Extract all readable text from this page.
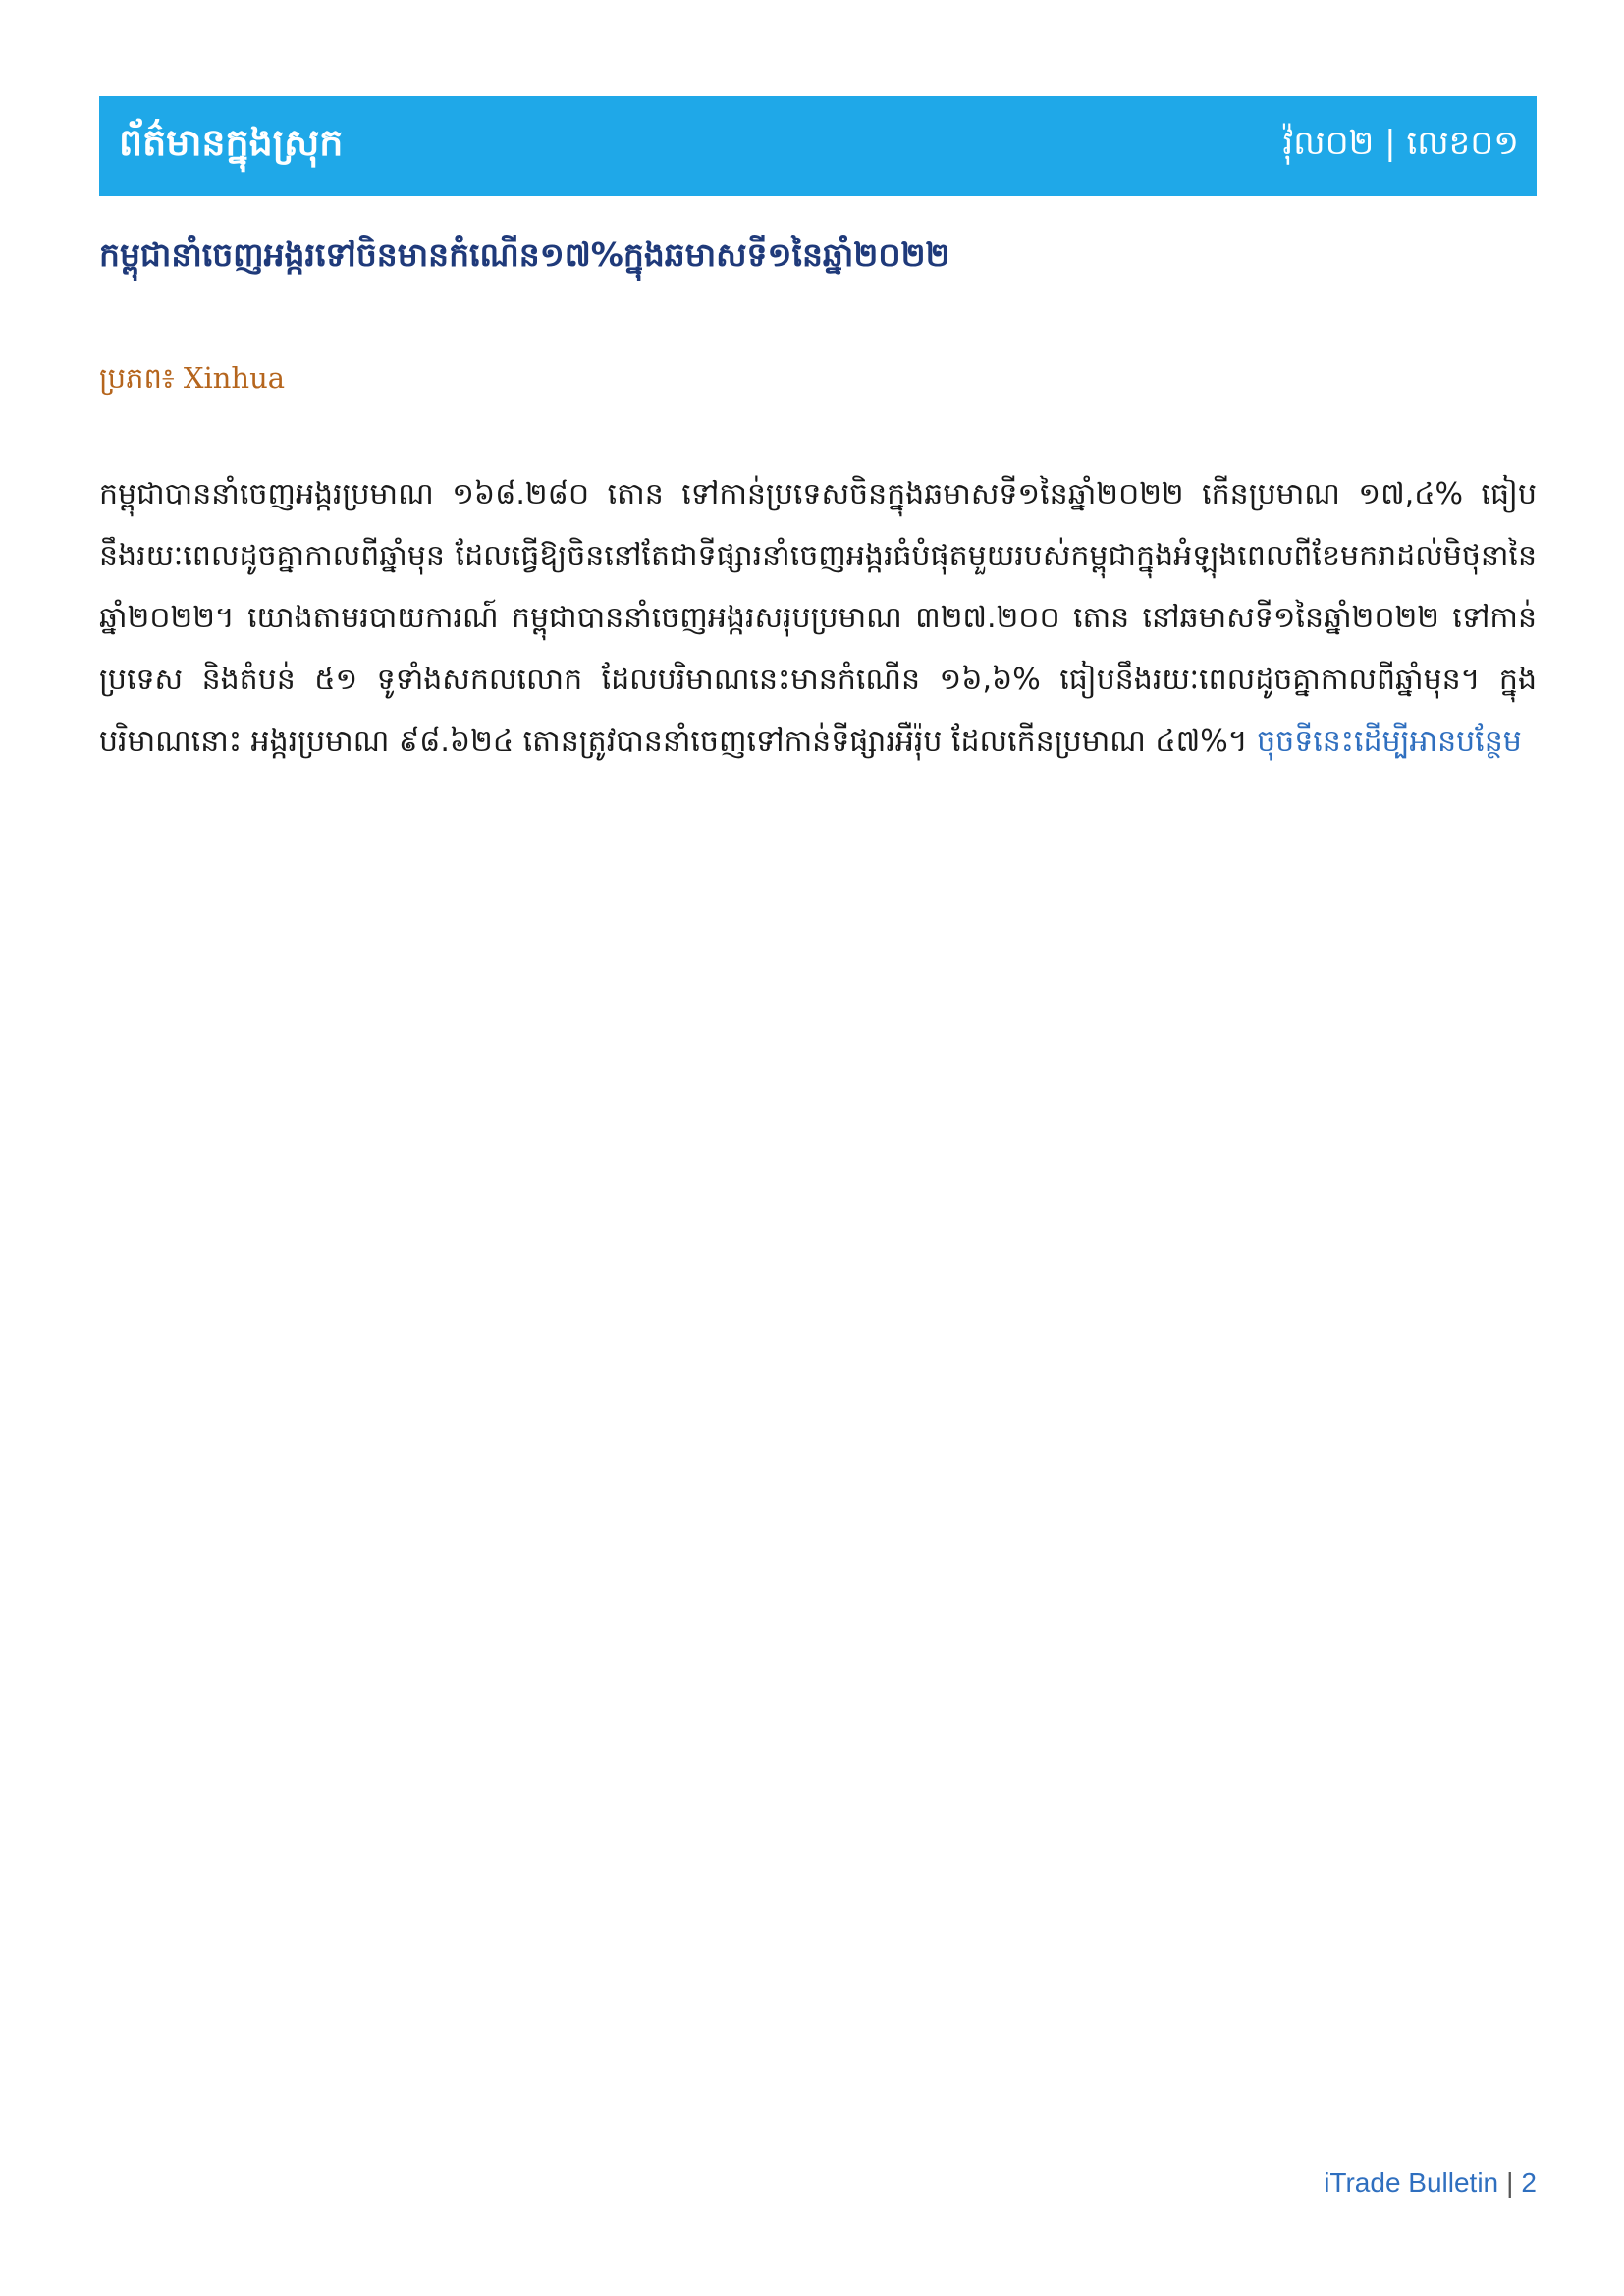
ព័ត៌មានក្នុងស្រុក	វ៉ុល០២ | លេខ០១
កម្ពុជានាំចេញអង្ករទៅចិនមានកំណើន១៧%ក្នុងឆមាសទី១នៃឆ្នាំ២០២២
ប្រភព៖ Xinhua

កម្ពុជាបាននាំចេញអង្ករប្រមាណ ១៦៨.២៨០ តោន ទៅកាន់ប្រទេសចិនក្នុងឆមាសទី១នៃឆ្នាំ២០២២ កើនប្រមាណ ១៧,៤% ធៀបនឹងរយៈពេលដូចគ្នាកាលពីឆ្នាំមុន ដែលធ្វើឱ្យចិននៅតែជាទីផ្សារនាំចេញអង្ករធំបំផុតមួយរបស់កម្ពុជាក្នុងអំឡុងពេលពីខែមករាដល់មិថុនានៃឆ្នាំ២០២២។ យោងតាមរបាយការណ៍ កម្ពុជាបាននាំចេញអង្ករសរុបប្រមាណ ៣២៧.២០០ តោន នៅឆមាសទី១នៃឆ្នាំ២០២២ ទៅកាន់ប្រទេស និងតំបន់ ៥១ ទូទាំងសកលលោក ដែលបរិមាណនេះមានកំណើន ១៦,៦% ធៀបនឹងរយៈពេលដូចគ្នាកាលពីឆ្នាំមុន។ ក្នុងបរិមាណនោះ អង្ករប្រមាណ ៩៨.៦២៤ តោនត្រូវបាននាំចេញទៅកាន់ទីផ្សារអឺរ៉ុប ដែលកើនប្រមាណ ៤៧%។ ចុចទីនេះដើម្បីអានបន្ថែម

iTrade Bulletin | 2
